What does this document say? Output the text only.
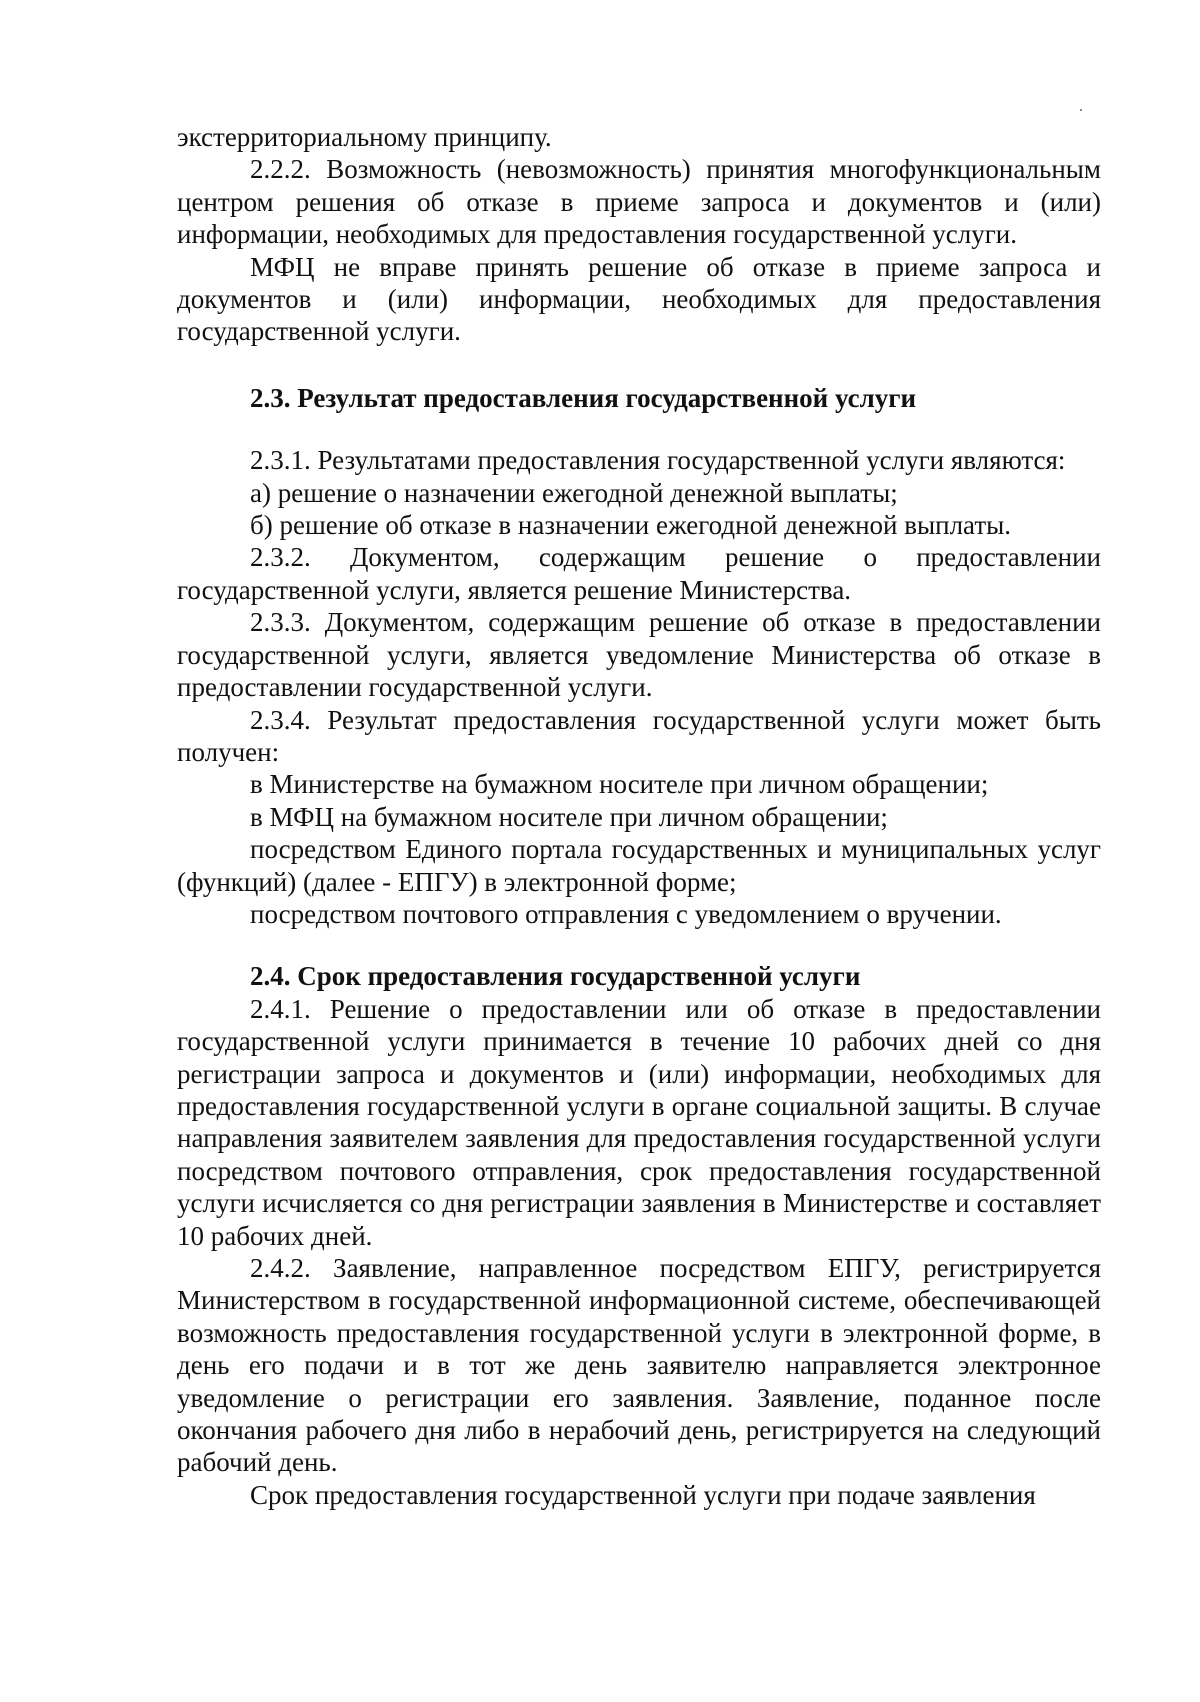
экстерриториальному принципу.

2.2.2. Возможность (невозможность) принятия многофункциональным центром решения об отказе в приеме запроса и документов и (или) информации, необходимых для предоставления государственной услуги.

МФЦ не вправе принять решение об отказе в приеме запроса и документов и (или) информации, необходимых для предоставления государственной услуги.

2.3. Результат предоставления государственной услуги

2.3.1. Результатами предоставления государственной услуги являются:

а) решение о назначении ежегодной денежной выплаты;

б) решение об отказе в назначении ежегодной денежной выплаты.

2.3.2. Документом, содержащим решение о предоставлении государственной услуги, является решение Министерства.

2.3.3. Документом, содержащим решение об отказе в предоставлении государственной услуги, является уведомление Министерства об отказе в предоставлении государственной услуги.

2.3.4. Результат предоставления государственной услуги может быть получен:

в Министерстве на бумажном носителе при личном обращении;

в МФЦ на бумажном носителе при личном обращении;

посредством Единого портала государственных и муниципальных услуг (функций) (далее - ЕПГУ) в электронной форме;

посредством почтового отправления с уведомлением о вручении.

2.4. Срок предоставления государственной услуги

2.4.1. Решение о предоставлении или об отказе в предоставлении государственной услуги принимается в течение 10 рабочих дней со дня регистрации запроса и документов и (или) информации, необходимых для предоставления государственной услуги в органе социальной защиты. В случае направления заявителем заявления для предоставления государственной услуги посредством почтового отправления, срок предоставления государственной услуги исчисляется со дня регистрации заявления в Министерстве и составляет 10 рабочих дней.

2.4.2. Заявление, направленное посредством ЕПГУ, регистрируется Министерством в государственной информационной системе, обеспечивающей возможность предоставления государственной услуги в электронной форме, в день его подачи и в тот же день заявителю направляется электронное уведомление о регистрации его заявления. Заявление, поданное после окончания рабочего дня либо в нерабочий день, регистрируется на следующий рабочий день.

Срок предоставления государственной услуги при подаче заявления
